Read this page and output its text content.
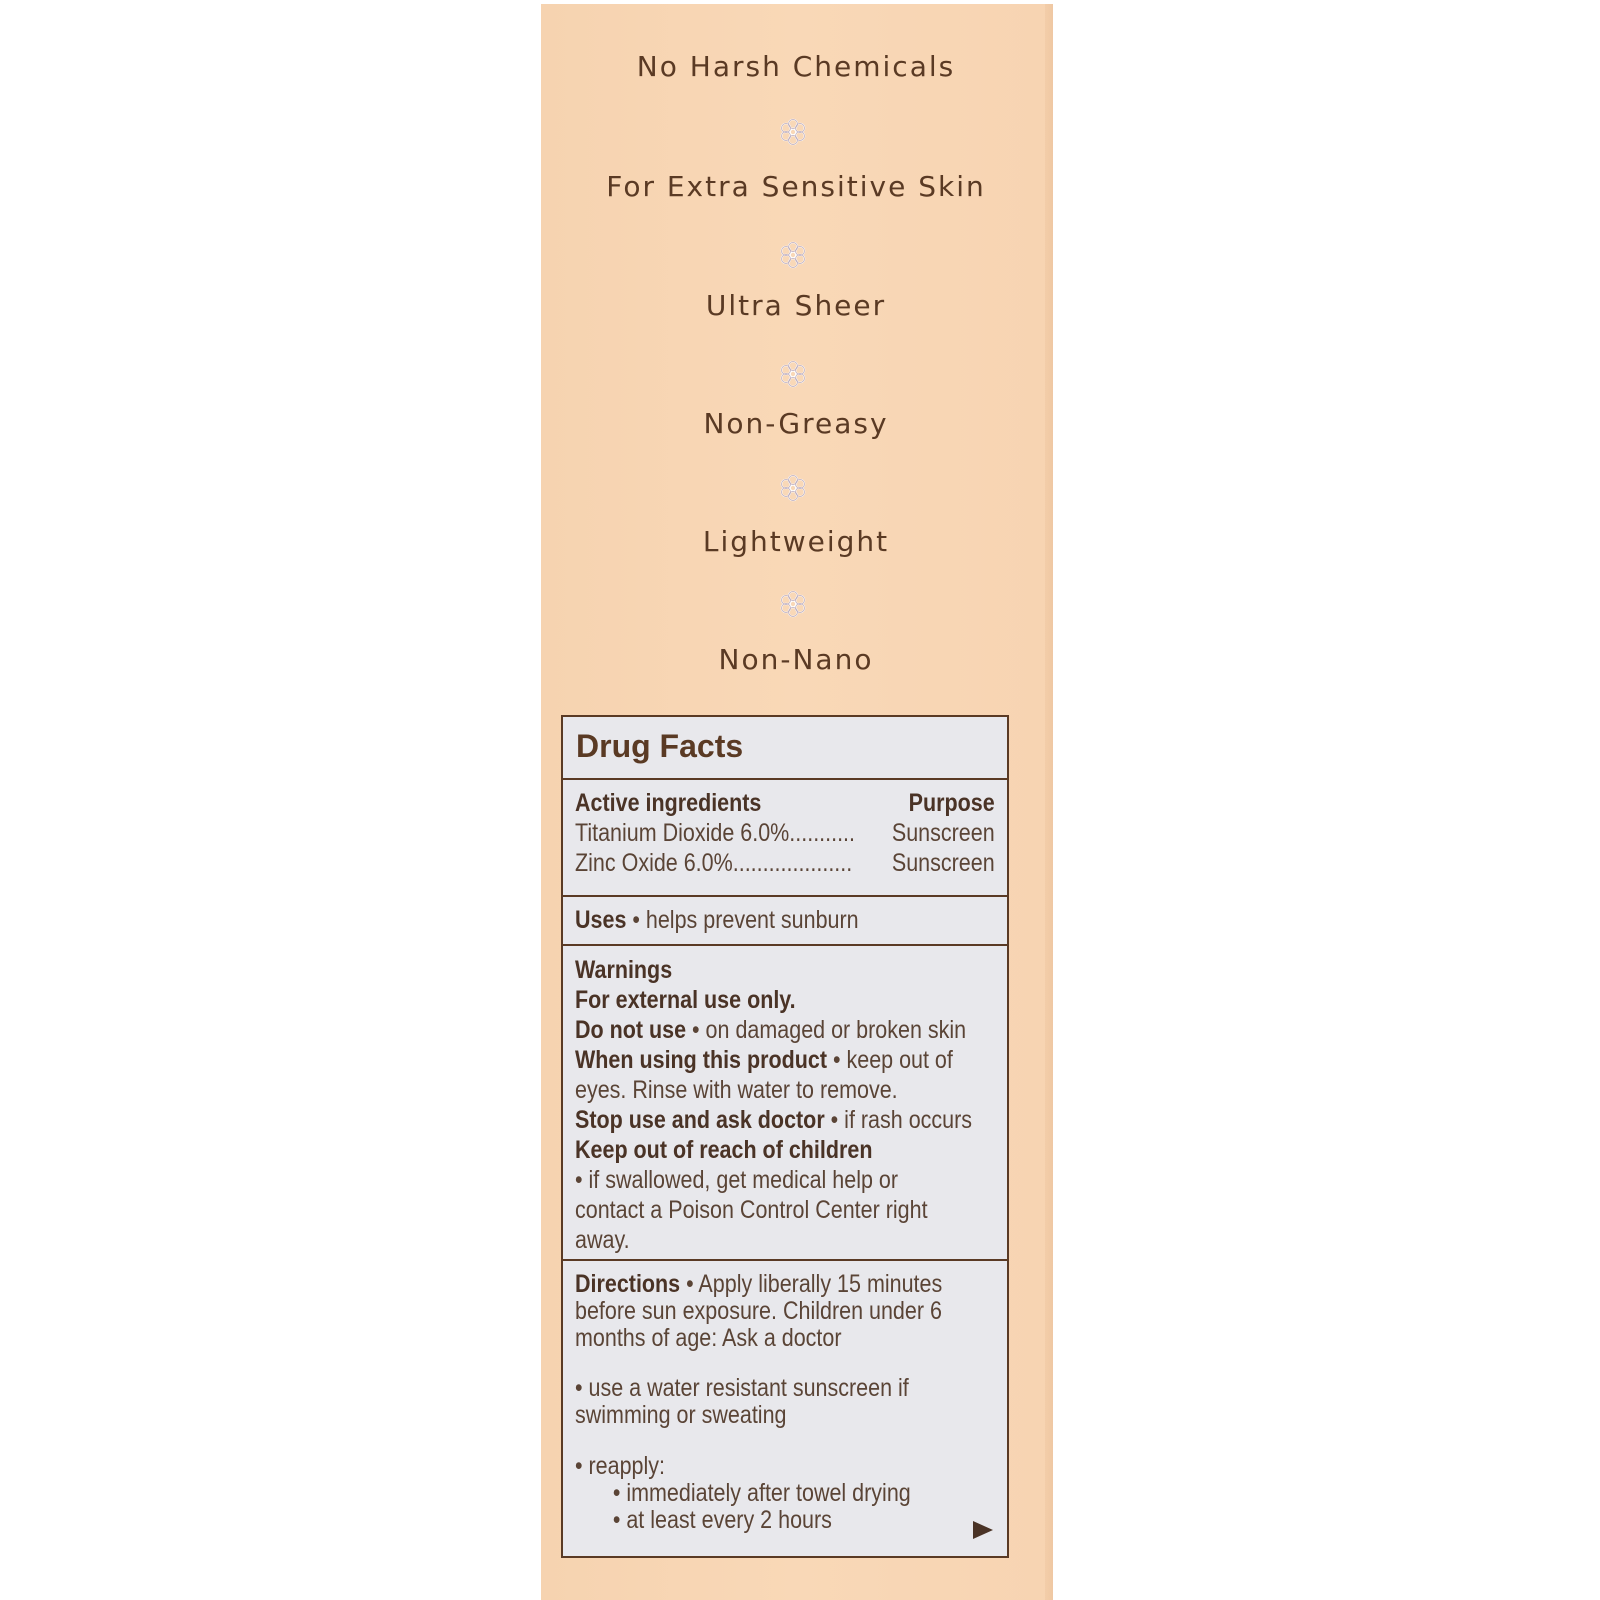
No Harsh Chemicals
For Extra Sensitive Skin
Ultra Sheer
Non-Greasy
Lightweight
Non-Nano
Drug Facts
Active ingredients	Purpose
Titanium Dioxide 6.0%........... Sunscreen
Zinc Oxide 6.0%.................... Sunscreen
Uses • helps prevent sunburn
Warnings
For external use only.
Do not use • on damaged or broken skin
When using this product • keep out of
eyes. Rinse with water to remove.
Stop use and ask doctor • if rash occurs
Keep out of reach of children
• if swallowed, get medical help or
contact a Poison Control Center right
away.
Directions • Apply liberally 15 minutes
before sun exposure. Children under 6
months of age: Ask a doctor
• use a water resistant sunscreen if
swimming or sweating
• reapply:
• immediately after towel drying
• at least every 2 hours
